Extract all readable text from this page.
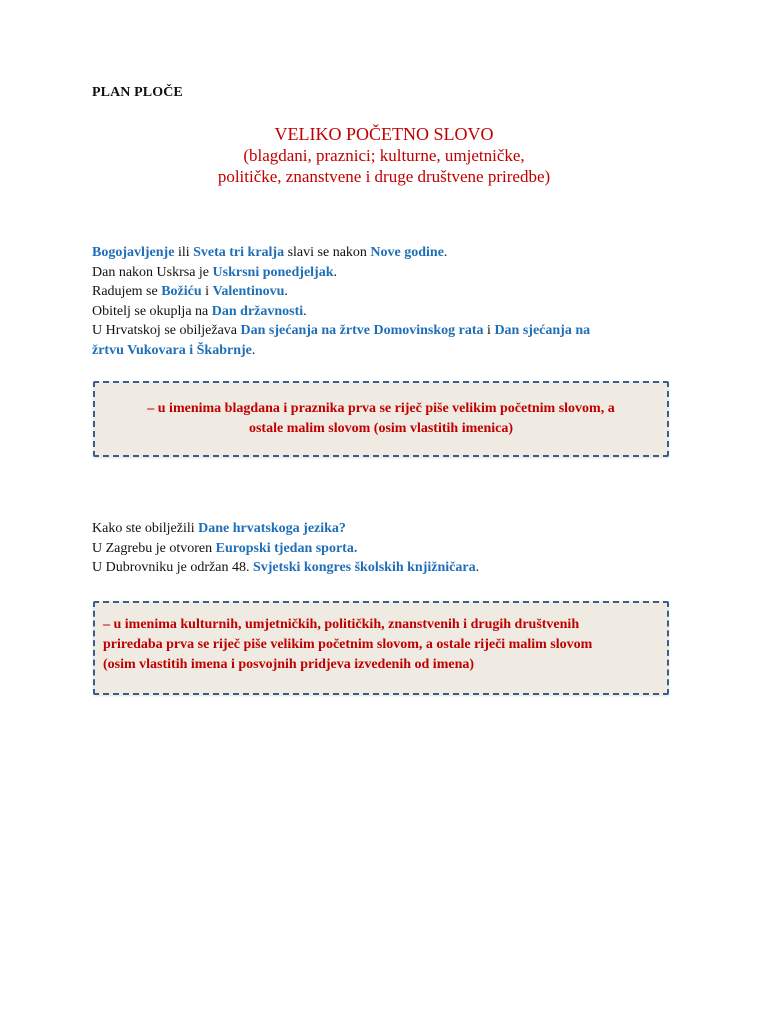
PLAN PLOČE
VELIKO POČETNO SLOVO
(blagdani, praznici; kulturne, umjetničke,
političke, znanstvene i druge društvene priredbe)
Bogojavljenje ili Sveta tri kralja slavi se nakon Nove godine.
Dan nakon Uskrsa je Uskrsni ponedjeljak.
Radujem se Božiću i Valentinovu.
Obitelj se okuplja na Dan državnosti.
U Hrvatskoj se obilježava Dan sjećanja na žrtve Domovinskog rata i Dan sjećanja na
žrtvu Vukovara i Škabrnje.
– u imenima blagdana i praznika prva se riječ piše velikim početnim slovom, a
ostale malim slovom (osim vlastitih imenica)
Kako ste obilježili Dane hrvatskoga jezika?
U Zagrebu je otvoren Europski tjedan sporta.
U Dubrovniku je održan 48. Svjetski kongres školskih knjižničara.
– u imenima kulturnih, umjetničkih, političkih, znanstvenih i drugih društvenih
priredaba prva se riječ piše velikim početnim slovom, a ostale riječi malim slovom
(osim vlastitih imena i posvojnih pridjeva izvedenih od imena)
